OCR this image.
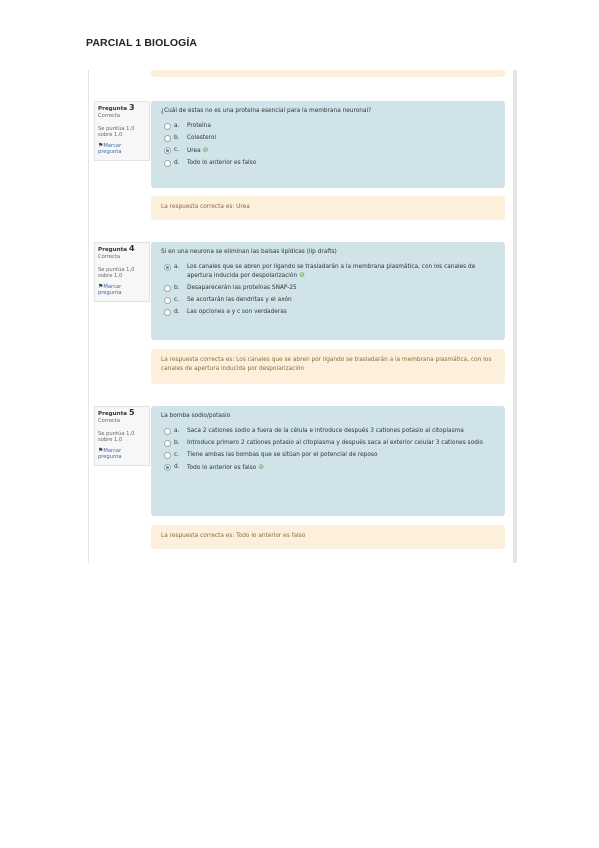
PARCIAL 1 BIOLOGÍA
Pregunta 3
Correcta
Se puntúa 1,0 sobre 1,0
⚑Marcar pregunta
¿Cuál de estas no es una proteína esencial para la membrana neuronal?
a. Proteína
b. Colesterol
c. Urea ⊘
d. Todo lo anterior es falso
La respuesta correcta es: Urea
Pregunta 4
Correcta
Se puntúa 1,0 sobre 1,0
⚑Marcar pregunta
Si en una neurona se eliminan las balsas lipídicas (lip drafts)
a. Los canales que se abren por ligando se trasladarán a la membrana plasmática, con los canales de apertura inducida por despolarización ⊘
b. Desaparecerán las proteínas SNAP-25
c. Se acortarán las dendritas y el axón
d. Las opciones a y c son verdaderas
La respuesta correcta es: Los canales que se abren por ligando se trasladarán a la membrana plasmática, con los canales de apertura inducida por despolarización
Pregunta 5
Correcta
Se puntúa 1,0 sobre 1,0
⚑Marcar pregunta
La bomba sodio/potasio
a. Saca 2 cationes sodio a fuera de la célula e introduce después 3 cationes potasio al citoplasma
b. Introduce primero 2 cationes potasio al citoplasma y después saca al exterior celular 3 cationes sodio
c. Tiene ambas las bombas que se sitúan por el potencial de reposo
d. Todo lo anterior es falso ⊘
La respuesta correcta es: Todo lo anterior es falso
